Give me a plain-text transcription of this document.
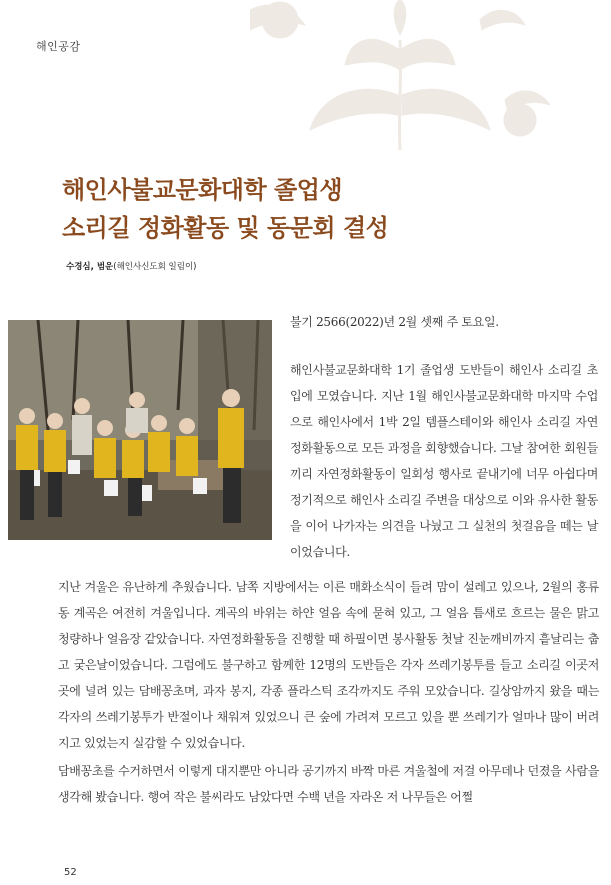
해인공감
해인사불교문화대학 졸업생
소리길 정화활동 및 동문회 결성
수경심, 범운(해인사신도회 일림이)
불기 2566(2022)년 2월 셋째 주 토요일.
해인사불교문화대학 1기 졸업생 도반들이 해인사 소리길 초입에 모였습니다. 지난 1월 해인사불교문화대학 마지막 수업으로 해인사에서 1박 2일 템플스테이와 해인사 소리길 자연정화활동으로 모든 과정을 회향했습니다. 그날 참여한 회원들끼리 자연정화활동이 일회성 행사로 끝내기에 너무 아쉽다며 정기적으로 해인사 소리길 주변을 대상으로 이와 유사한 활동을 이어 나가자는 의견을 나눴고 그 실천의 첫걸음을 떼는 날이었습니다.
지난 겨울은 유난하게 추웠습니다. 남쪽 지방에서는 이른 매화소식이 들려 맘이 설레고 있으나, 2월의 홍류동 계곡은 여전히 겨울입니다. 계곡의 바위는 하얀 얼음 속에 묻혀 있고, 그 얼음 틈새로 흐르는 물은 맑고 청량하나 얼음장 같았습니다. 자연정화활동을 진행할 때 하필이면 봉사활동 첫날 진눈깨비까지 흩날리는 춥고 궂은날이었습니다. 그럼에도 불구하고 함께한 12명의 도반들은 각자 쓰레기봉투를 들고 소리길 이곳저곳에 널려 있는 담배꽁초며, 과자 봉지, 각종 플라스틱 조각까지도 주워 모았습니다. 길상암까지 왔을 때는 각자의 쓰레기봉투가 반절이나 채워져 있었으니 큰 숲에 가려져 모르고 있을 뿐 쓰레기가 얼마나 많이 버려지고 있었는지 실감할 수 있었습니다.
담배꽁초를 수거하면서 이렇게 대지뿐만 아니라 공기까지 바짝 마른 겨울철에 저걸 아무데나 던졌을 사람을 생각해 봤습니다. 행여 작은 불씨라도 남았다면 수백 년을 자라온 저 나무들은 어쩔
52
